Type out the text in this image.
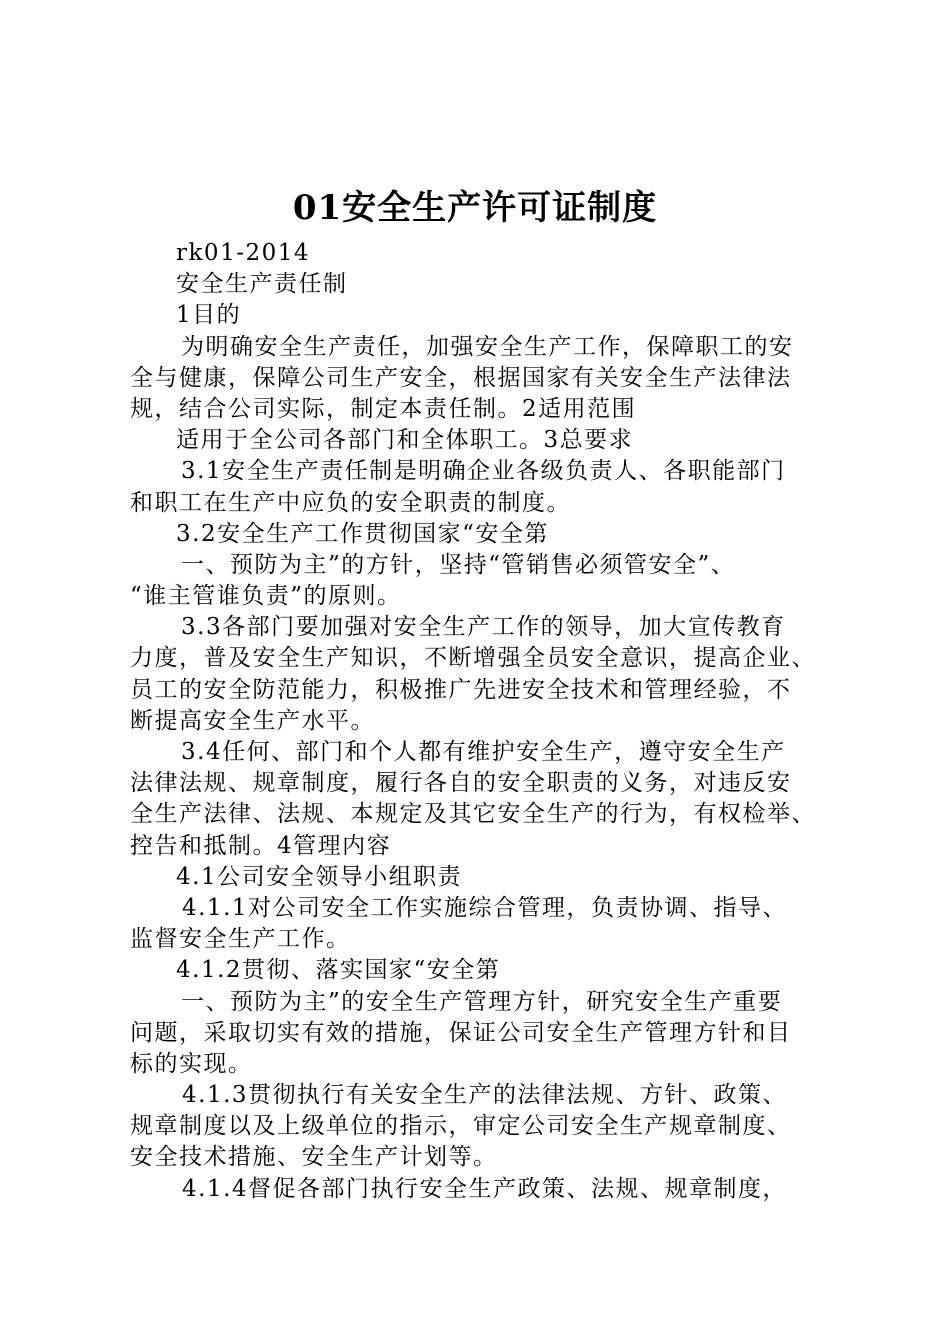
01安全生产许可证制度
rk01-2014
安全生产责任制
1目的
为明确安全生产责任，加强安全生产工作，保障职工的安
全与健康，保障公司生产安全，根据国家有关安全生产法律法
规，结合公司实际，制定本责任制。2适用范围
适用于全公司各部门和全体职工。3总要求
3.1安全生产责任制是明确企业各级负责人、各职能部门
和职工在生产中应负的安全职责的制度。
3.2安全生产工作贯彻国家“安全第
一、预防为主”的方针，坚持“管销售必须管安全”、
“谁主管谁负责”的原则。
3.3各部门要加强对安全生产工作的领导，加大宣传教育
力度，普及安全生产知识，不断增强全员安全意识，提高企业、
员工的安全防范能力，积极推广先进安全技术和管理经验，不
断提高安全生产水平。
3.4任何、部门和个人都有维护安全生产，遵守安全生产
法律法规、规章制度，履行各自的安全职责的义务，对违反安
全生产法律、法规、本规定及其它安全生产的行为，有权检举、
控告和抵制。4管理内容
4.1公司安全领导小组职责
4.1.1对公司安全工作实施综合管理，负责协调、指导、
监督安全生产工作。
4.1.2贯彻、落实国家“安全第
一、预防为主”的安全生产管理方针，研究安全生产重要
问题，采取切实有效的措施，保证公司安全生产管理方针和目
标的实现。
4.1.3贯彻执行有关安全生产的法律法规、方针、政策、
规章制度以及上级单位的指示，审定公司安全生产规章制度、
安全技术措施、安全生产计划等。
4.1.4督促各部门执行安全生产政策、法规、规章制度，
